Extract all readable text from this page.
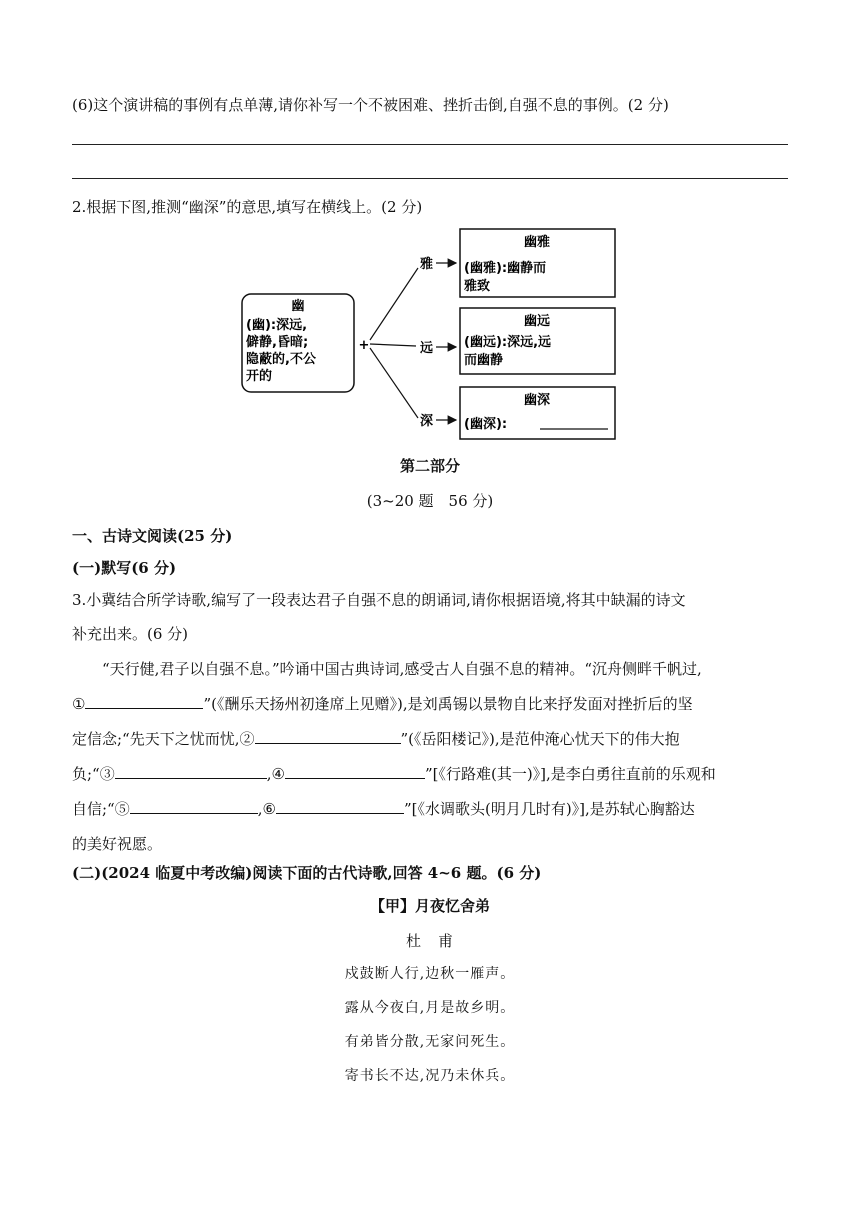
(6)这个演讲稿的事例有点单薄,请你补写一个不被困难、挫折击倒,自强不息的事例。(2 分)
2.根据下图,推测“幽深”的意思,填写在横线上。(2 分)
幽
(幽):深远,
僻静,昏暗;
隐蔽的,不公
开的
+
雅
远
深
幽雅
(幽雅):幽静而
雅致
幽远
(幽远):深远,远
而幽静
幽深
(幽深):
第二部分
(3~20 题　56 分)
一、古诗文阅读(25 分)
(一)默写(6 分)
3.小冀结合所学诗歌,编写了一段表达君子自强不息的朗诵词,请你根据语境,将其中缺漏的诗文
补充出来。(6 分)
“天行健,君子以自强不息。”吟诵中国古典诗词,感受古人自强不息的精神。“沉舟侧畔千帆过,
①	”(《酬乐天扬州初逢席上见赠》),是刘禹锡以景物自比来抒发面对挫折后的坚
定信念;“先天下之忧而忧,②	”(《岳阳楼记》),是范仲淹心忧天下的伟大抱
负;“③	,④	”[《行路难(其一)》],是李白勇往直前的乐观和
自信;“⑤	,⑥	”[《水调歌头(明月几时有)》],是苏轼心胸豁达
的美好祝愿。
(二)(2024 临夏中考改编)阅读下面的古代诗歌,回答 4~6 题。(6 分)
【甲】月夜忆舍弟
杜　甫
戍鼓断人行,边秋一雁声。
露从今夜白,月是故乡明。
有弟皆分散,无家问死生。
寄书长不达,况乃未休兵。
